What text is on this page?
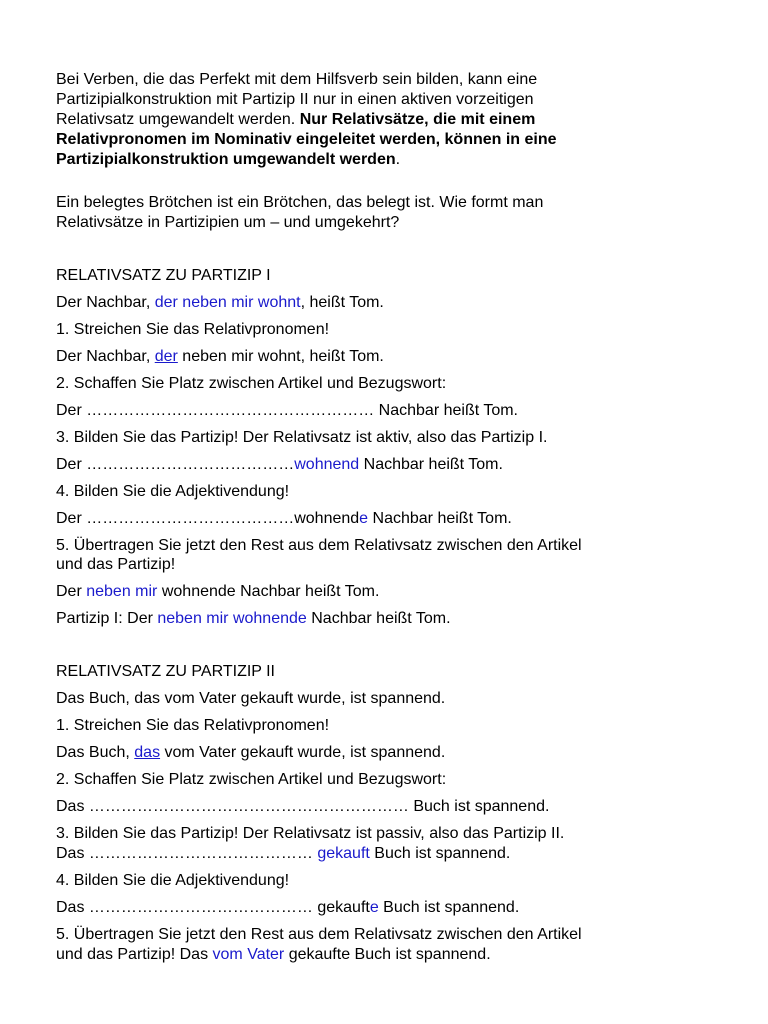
Bei Verben, die das Perfekt mit dem Hilfsverb sein bilden, kann eine
Partizipialkonstruktion mit Partizip II nur in einen aktiven vorzeitigen
Relativsatz umgewandelt werden. Nur Relativsätze, die mit einem
Relativpronomen im Nominativ eingeleitet werden, können in eine
Partizipialkonstruktion umgewandelt werden.
Ein belegtes Brötchen ist ein Brötchen, das belegt ist. Wie formt man
Relativsätze in Partizipien um – und umgekehrt?
RELATIVSATZ ZU PARTIZIP I
Der Nachbar, der neben mir wohnt, heißt Tom.
1. Streichen Sie das Relativpronomen!
Der Nachbar, der neben mir wohnt, heißt Tom.
2. Schaffen Sie Platz zwischen Artikel und Bezugswort:
Der ……………………………………………… Nachbar heißt Tom.
3. Bilden Sie das Partizip! Der Relativsatz ist aktiv, also das Partizip I.
Der …………………………………wohnend Nachbar heißt Tom.
4. Bilden Sie die Adjektivendung!
Der …………………………………wohnende Nachbar heißt Tom.
5. Übertragen Sie jetzt den Rest aus dem Relativsatz zwischen den Artikel
und das Partizip!
Der neben mir wohnende Nachbar heißt Tom.
Partizip I: Der neben mir wohnende Nachbar heißt Tom.
RELATIVSATZ ZU PARTIZIP II
Das Buch, das vom Vater gekauft wurde, ist spannend.
1. Streichen Sie das Relativpronomen!
Das Buch, das vom Vater gekauft wurde, ist spannend.
2. Schaffen Sie Platz zwischen Artikel und Bezugswort:
Das …………………………………………………… Buch ist spannend.
3. Bilden Sie das Partizip! Der Relativsatz ist passiv, also das Partizip II.
Das …………………………………… gekauft Buch ist spannend.
4. Bilden Sie die Adjektivendung!
Das …………………………………… gekaufte Buch ist spannend.
5. Übertragen Sie jetzt den Rest aus dem Relativsatz zwischen den Artikel
und das Partizip! Das vom Vater gekaufte Buch ist spannend.
